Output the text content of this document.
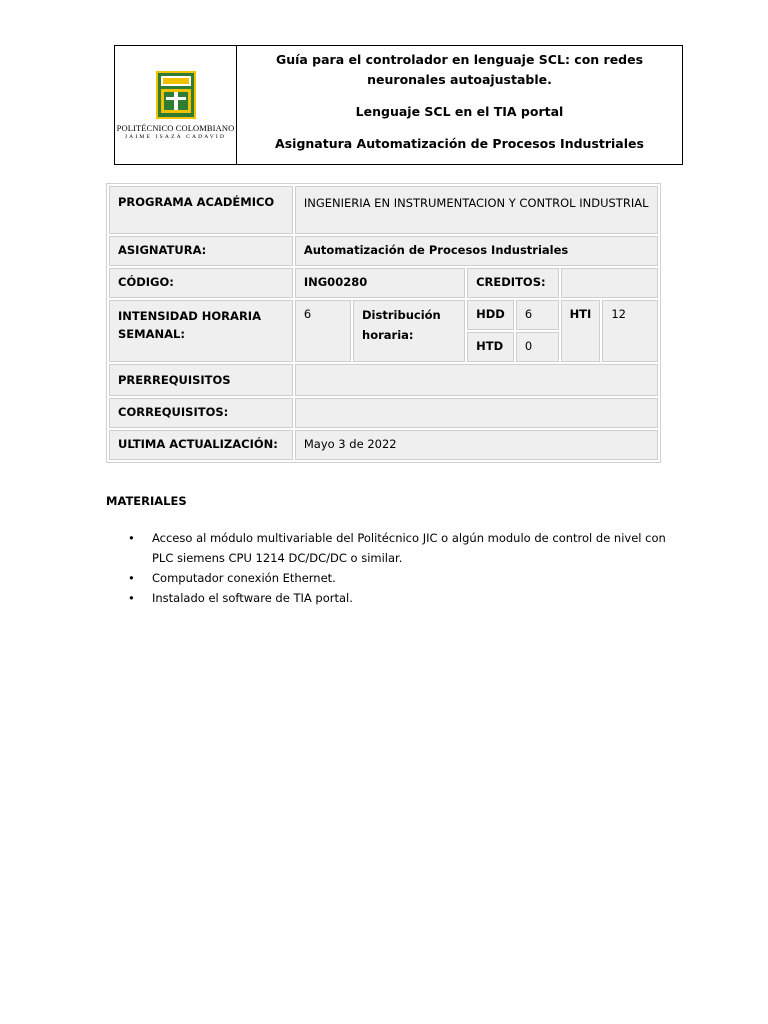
POLITÉCNICO COLOMBIANO
JAIME ISAZA CADAVID
Guía para el controlador en lenguaje SCL: con redes neuronales autoajustable.
Lenguaje SCL en el TIA portal
Asignatura Automatización de Procesos Industriales
PROGRAMA ACADÉMICO	INGENIERIA EN INSTRUMENTACION Y CONTROL INDUSTRIAL					
ASIGNATURA:	Automatización de Procesos Industriales					
CÓDIGO:	ING00280		CREDITOS:			
INTENSIDAD HORARIA SEMANAL:	6	Distribución horaria:	HDD	6	HTI	12
			HTD	0		
PRERREQUISITOS						
CORREQUISITOS:						
ULTIMA ACTUALIZACIÓN:	Mayo 3 de 2022					
MATERIALES
• Acceso al módulo multivariable del Politécnico JIC o algún modulo de control de nivel con PLC siemens CPU 1214 DC/DC/DC o similar.
• Computador conexión Ethernet.
• Instalado el software de TIA portal.
